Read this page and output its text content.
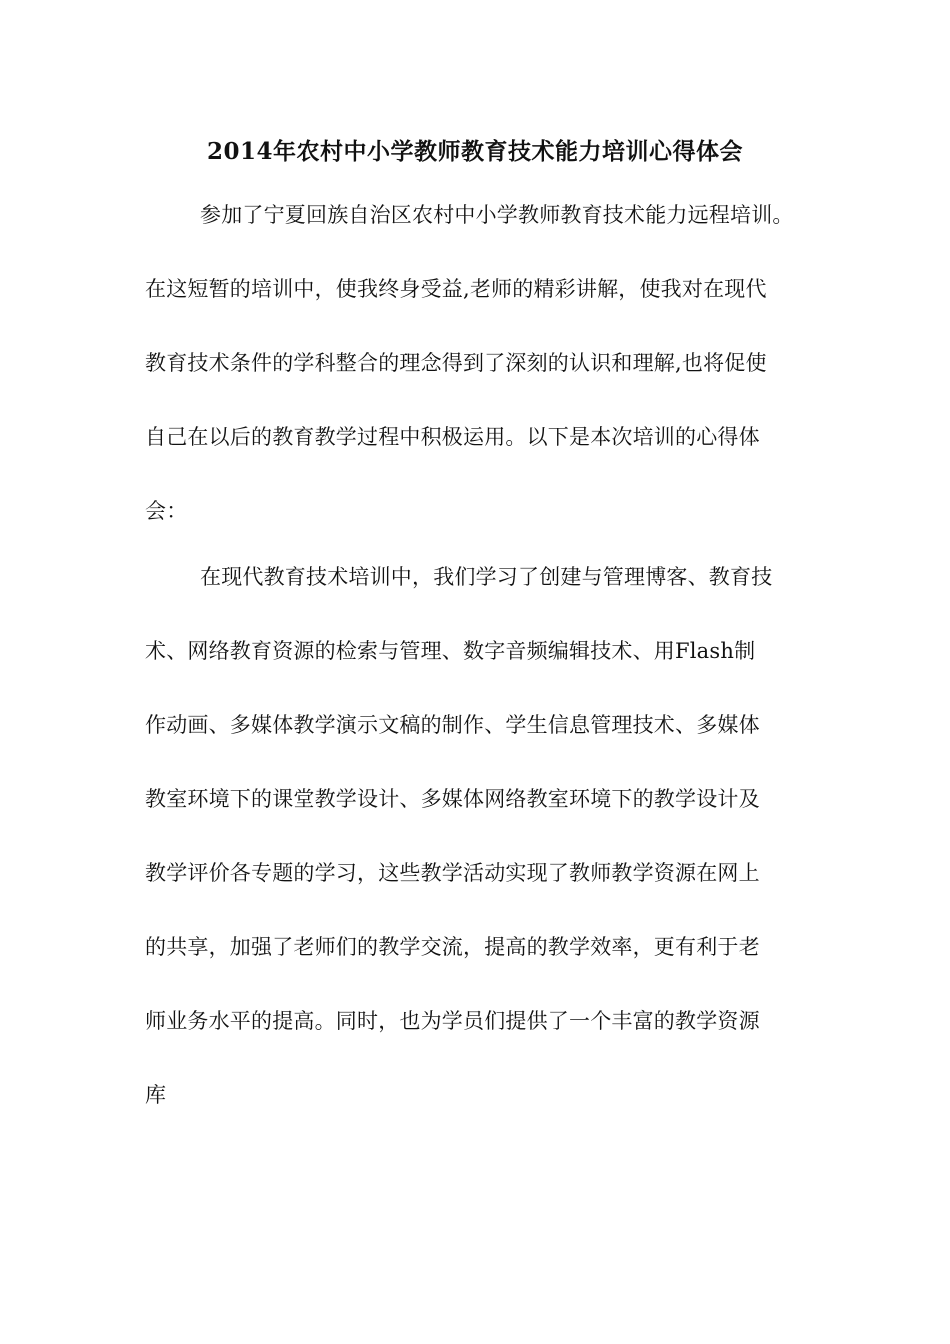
2014年农村中小学教师教育技术能力培训心得体会
参加了宁夏回族自治区农村中小学教师教育技术能力远程培训。
在这短暂的培训中，使我终身受益,老师的精彩讲解，使我对在现代
教育技术条件的学科整合的理念得到了深刻的认识和理解,也将促使
自己在以后的教育教学过程中积极运用。以下是本次培训的心得体
会：
在现代教育技术培训中，我们学习了创建与管理博客、教育技
术、网络教育资源的检索与管理、数字音频编辑技术、用Flash制
作动画、多媒体教学演示文稿的制作、学生信息管理技术、多媒体
教室环境下的课堂教学设计、多媒体网络教室环境下的教学设计及
教学评价各专题的学习，这些教学活动实现了教师教学资源在网上
的共享，加强了老师们的教学交流，提高的教学效率，更有利于老
师业务水平的提高。同时，也为学员们提供了一个丰富的教学资源
库
